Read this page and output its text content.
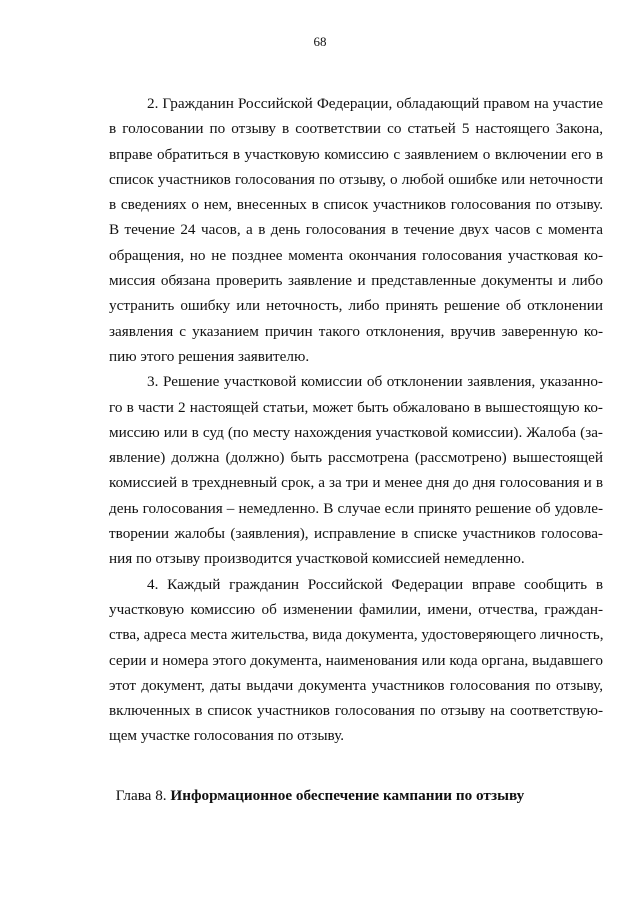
68
2. Гражданин Российской Федерации, обладающий правом на участие
в голосовании по отзыву в соответствии со статьей 5 настоящего Закона,
вправе обратиться в участковую комиссию с заявлением о включении его в
список участников голосования по отзыву, о любой ошибке или неточности
в сведениях о нем, внесенных в список участников голосования по отзыву.
В течение 24 часов, а в день голосования в течение двух часов с момента
обращения, но не позднее момента окончания голосования участковая ко-
миссия обязана проверить заявление и представленные документы и либо
устранить ошибку или неточность, либо принять решение об отклонении
заявления с указанием причин такого отклонения, вручив заверенную ко-
пию этого решения заявителю.
3. Решение участковой комиссии об отклонении заявления, указанно-
го в части 2 настоящей статьи, может быть обжаловано в вышестоящую ко-
миссию или в суд (по месту нахождения участковой комиссии). Жалоба (за-
явление) должна (должно) быть рассмотрена (рассмотрено) вышестоящей
комиссией в трехдневный срок, а за три и менее дня до дня голосования и в
день голосования – немедленно. В случае если принято решение об удовле-
творении жалобы (заявления), исправление в списке участников голосова-
ния по отзыву производится участковой комиссией немедленно.
4. Каждый гражданин Российской Федерации вправе сообщить в
участковую комиссию об изменении фамилии, имени, отчества, граждан-
ства, адреса места жительства, вида документа, удостоверяющего личность,
серии и номера этого документа, наименования или кода органа, выдавшего
этот документ, даты выдачи документа участников голосования по отзыву,
включенных в список участников голосования по отзыву на соответствую-
щем участке голосования по отзыву.
Глава 8. Информационное обеспечение кампании по отзыву
